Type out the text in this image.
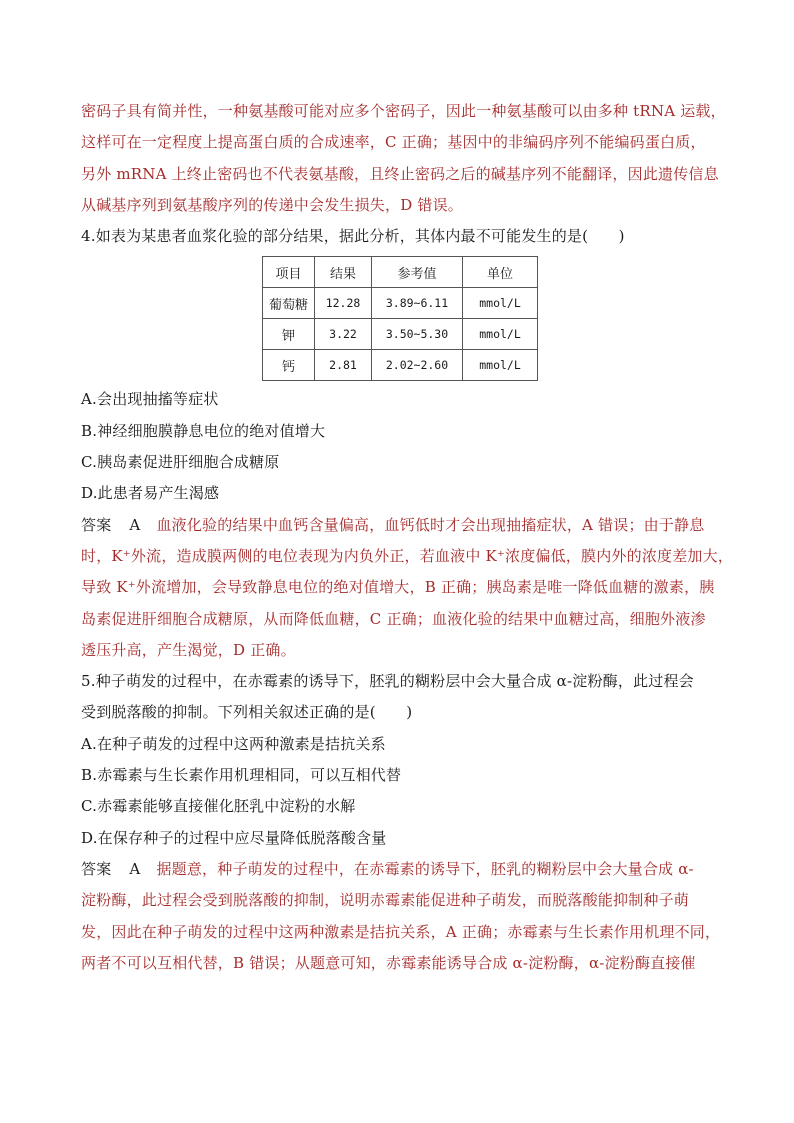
密码子具有简并性，一种氨基酸可能对应多个密码子，因此一种氨基酸可以由多种 tRNA 运载，
这样可在一定程度上提高蛋白质的合成速率，C 正确；基因中的非编码序列不能编码蛋白质，
另外 mRNA 上终止密码也不代表氨基酸，且终止密码之后的碱基序列不能翻译，因此遗传信息
从碱基序列到氨基酸序列的传递中会发生损失，D 错误。
4.如表为某患者血浆化验的部分结果，据此分析，其体内最不可能发生的是(　　)
项目	结果	参考值	单位
葡萄糖	12.28	3.89~6.11	mmol/L
钾	3.22	3.50~5.30	mmol/L
钙	2.81	2.02~2.60	mmol/L
A.会出现抽搐等症状
B.神经细胞膜静息电位的绝对值增大
C.胰岛素促进肝细胞合成糖原
D.此患者易产生渴感
答案 A 血液化验的结果中血钙含量偏高，血钙低时才会出现抽搐症状，A 错误；由于静息
时，K⁺外流，造成膜两侧的电位表现为内负外正，若血液中 K⁺浓度偏低，膜内外的浓度差加大，
导致 K⁺外流增加，会导致静息电位的绝对值增大，B 正确；胰岛素是唯一降低血糖的激素，胰
岛素促进肝细胞合成糖原，从而降低血糖，C 正确；血液化验的结果中血糖过高，细胞外液渗
透压升高，产生渴觉，D 正确。
5.种子萌发的过程中，在赤霉素的诱导下，胚乳的糊粉层中会大量合成 α-淀粉酶，此过程会
受到脱落酸的抑制。下列相关叙述正确的是(　　)
A.在种子萌发的过程中这两种激素是拮抗关系
B.赤霉素与生长素作用机理相同，可以互相代替
C.赤霉素能够直接催化胚乳中淀粉的水解
D.在保存种子的过程中应尽量降低脱落酸含量
答案 A 据题意，种子萌发的过程中，在赤霉素的诱导下，胚乳的糊粉层中会大量合成 α-
淀粉酶，此过程会受到脱落酸的抑制，说明赤霉素能促进种子萌发，而脱落酸能抑制种子萌
发，因此在种子萌发的过程中这两种激素是拮抗关系，A 正确；赤霉素与生长素作用机理不同，
两者不可以互相代替，B 错误；从题意可知，赤霉素能诱导合成 α-淀粉酶，α-淀粉酶直接催
